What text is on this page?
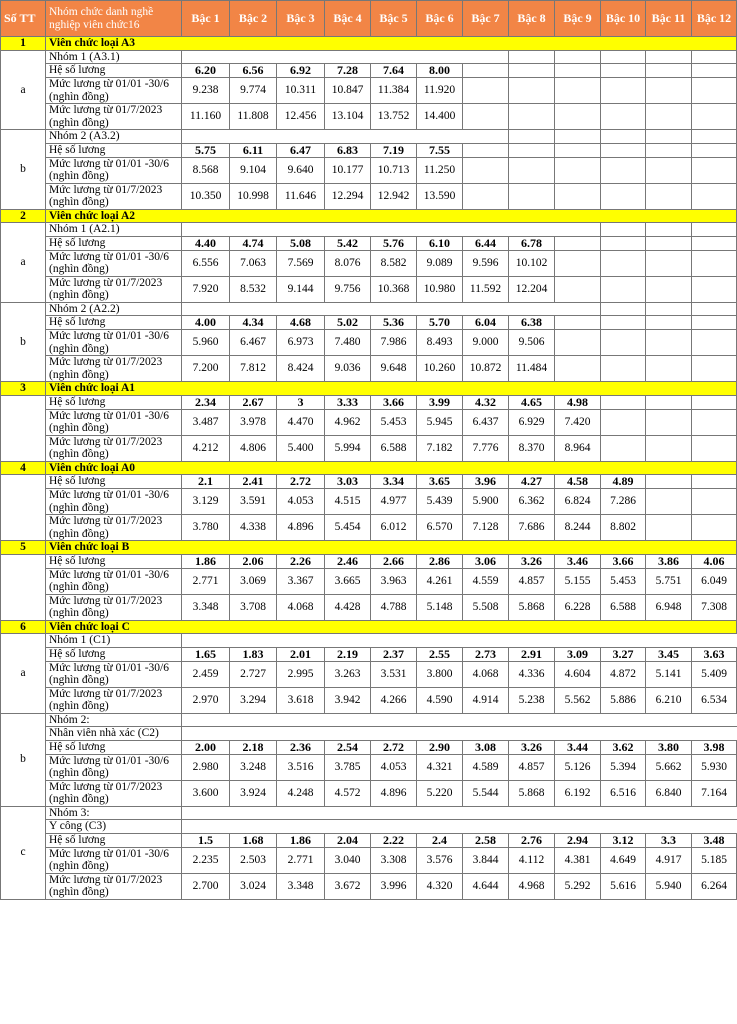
Số TT	Nhóm chức danh nghề nghiệp viên chức16	Bậc 1	Bậc 2	Bậc 3	Bậc 4	Bậc 5	Bậc 6	Bậc 7	Bậc 8	Bậc 9	Bậc 10	Bậc 11	Bậc 12
1	Viên chức loại A3												
a	Nhóm 1 (A3.1)												
	Hệ số lương	6.20	6.56	6.92	7.28	7.64	8.00						
	Mức lương từ 01/01 -30/6 (nghìn đồng)	9.238	9.774	10.311	10.847	11.384	11.920						
	Mức lương từ 01/7/2023 (nghìn đồng)	11.160	11.808	12.456	13.104	13.752	14.400						
b	Nhóm 2 (A3.2)												
	Hệ số lương	5.75	6.11	6.47	6.83	7.19	7.55						
	Mức lương từ 01/01 -30/6 (nghìn đồng)	8.568	9.104	9.640	10.177	10.713	11.250						
	Mức lương từ 01/7/2023 (nghìn đồng)	10.350	10.998	11.646	12.294	12.942	13.590						
2	Viên chức loại A2												
a	Nhóm 1 (A2.1)												
	Hệ số lương	4.40	4.74	5.08	5.42	5.76	6.10	6.44	6.78				
	Mức lương từ 01/01 -30/6 (nghìn đồng)	6.556	7.063	7.569	8.076	8.582	9.089	9.596	10.102				
	Mức lương từ 01/7/2023 (nghìn đồng)	7.920	8.532	9.144	9.756	10.368	10.980	11.592	12.204				
b	Nhóm 2 (A2.2)												
	Hệ số lương	4.00	4.34	4.68	5.02	5.36	5.70	6.04	6.38				
	Mức lương từ 01/01 -30/6 (nghìn đồng)	5.960	6.467	6.973	7.480	7.986	8.493	9.000	9.506				
	Mức lương từ 01/7/2023 (nghìn đồng)	7.200	7.812	8.424	9.036	9.648	10.260	10.872	11.484				
3	Viên chức loại A1												
	Hệ số lương	2.34	2.67	3	3.33	3.66	3.99	4.32	4.65	4.98			
	Mức lương từ 01/01 -30/6 (nghìn đồng)	3.487	3.978	4.470	4.962	5.453	5.945	6.437	6.929	7.420			
	Mức lương từ 01/7/2023 (nghìn đồng)	4.212	4.806	5.400	5.994	6.588	7.182	7.776	8.370	8.964			
4	Viên chức loại A0												
	Hệ số lương	2.1	2.41	2.72	3.03	3.34	3.65	3.96	4.27	4.58	4.89		
	Mức lương từ 01/01 -30/6 (nghìn đồng)	3.129	3.591	4.053	4.515	4.977	5.439	5.900	6.362	6.824	7.286		
	Mức lương từ 01/7/2023 (nghìn đồng)	3.780	4.338	4.896	5.454	6.012	6.570	7.128	7.686	8.244	8.802		
5	Viên chức loại B												
	Hệ số lương	1.86	2.06	2.26	2.46	2.66	2.86	3.06	3.26	3.46	3.66	3.86	4.06
	Mức lương từ 01/01 -30/6 (nghìn đồng)	2.771	3.069	3.367	3.665	3.963	4.261	4.559	4.857	5.155	5.453	5.751	6.049
	Mức lương từ 01/7/2023 (nghìn đồng)	3.348	3.708	4.068	4.428	4.788	5.148	5.508	5.868	6.228	6.588	6.948	7.308
6	Viên chức loại C												
a	Nhóm 1 (C1)												
	Hệ số lương	1.65	1.83	2.01	2.19	2.37	2.55	2.73	2.91	3.09	3.27	3.45	3.63
	Mức lương từ 01/01 -30/6 (nghìn đồng)	2.459	2.727	2.995	3.263	3.531	3.800	4.068	4.336	4.604	4.872	5.141	5.409
	Mức lương từ 01/7/2023 (nghìn đồng)	2.970	3.294	3.618	3.942	4.266	4.590	4.914	5.238	5.562	5.886	6.210	6.534
b	Nhóm 2:												
	Nhân viên nhà xác (C2)												
	Hệ số lương	2.00	2.18	2.36	2.54	2.72	2.90	3.08	3.26	3.44	3.62	3.80	3.98
	Mức lương từ 01/01 -30/6 (nghìn đồng)	2.980	3.248	3.516	3.785	4.053	4.321	4.589	4.857	5.126	5.394	5.662	5.930
	Mức lương từ 01/7/2023 (nghìn đồng)	3.600	3.924	4.248	4.572	4.896	5.220	5.544	5.868	6.192	6.516	6.840	7.164
c	Nhóm 3:												
	Y công (C3)												
	Hệ số lương	1.5	1.68	1.86	2.04	2.22	2.4	2.58	2.76	2.94	3.12	3.3	3.48
	Mức lương từ 01/01 -30/6 (nghìn đồng)	2.235	2.503	2.771	3.040	3.308	3.576	3.844	4.112	4.381	4.649	4.917	5.185
	Mức lương từ 01/7/2023 (nghìn đồng)	2.700	3.024	3.348	3.672	3.996	4.320	4.644	4.968	5.292	5.616	5.940	6.264
